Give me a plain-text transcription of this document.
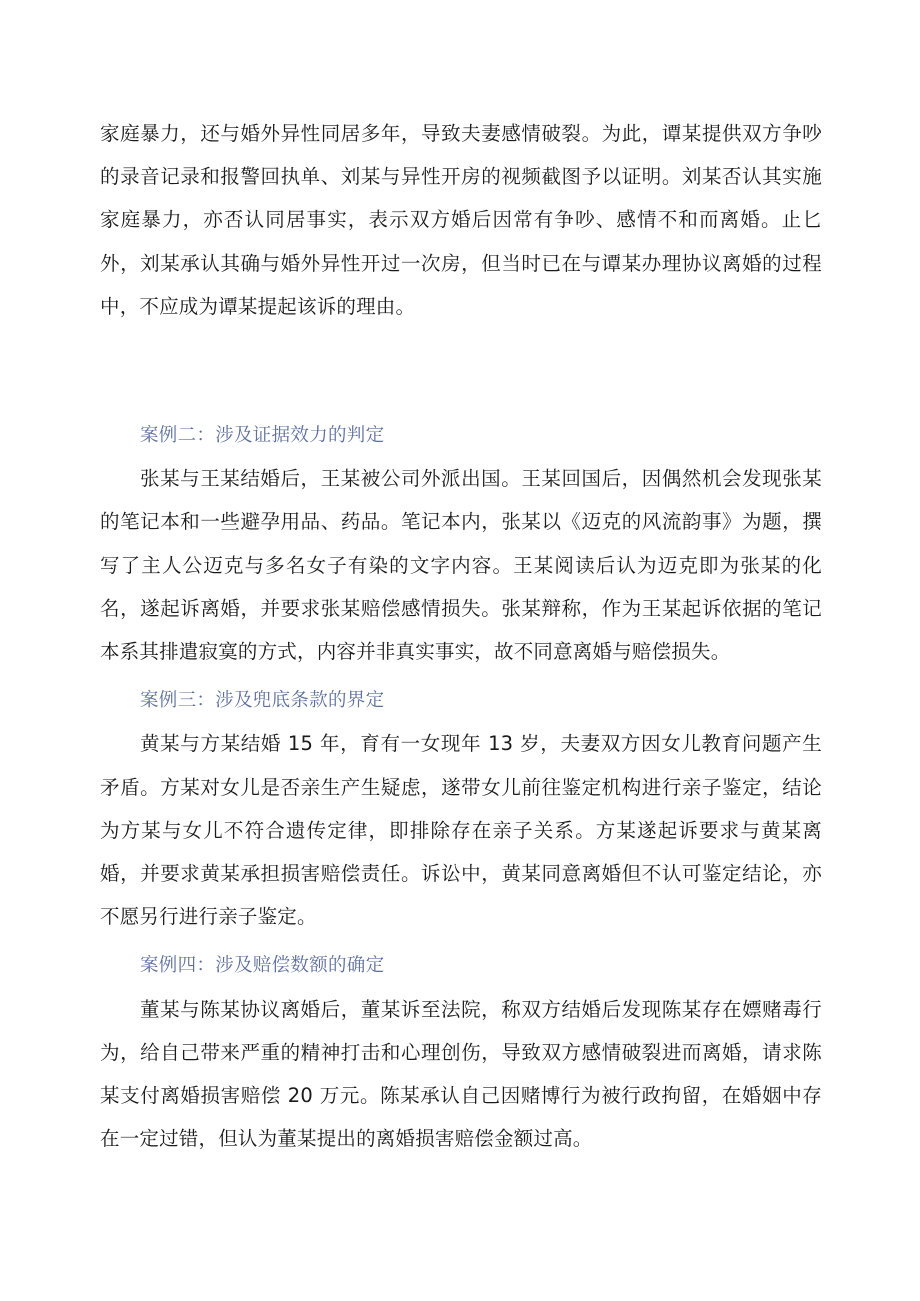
家庭暴力，还与婚外异性同居多年，导致夫妻感情破裂。为此，谭某提供双方争吵的录音记录和报警回执单、刘某与异性开房的视频截图予以证明。刘某否认其实施家庭暴力，亦否认同居事实，表示双方婚后因常有争吵、感情不和而离婚。止匕外，刘某承认其确与婚外异性开过一次房，但当时已在与谭某办理协议离婚的过程中，不应成为谭某提起该诉的理由。

案例二：涉及证据效力的判定

张某与王某结婚后，王某被公司外派出国。王某回国后，因偶然机会发现张某的笔记本和一些避孕用品、药品。笔记本内，张某以《迈克的风流韵事》为题，撰写了主人公迈克与多名女子有染的文字内容。王某阅读后认为迈克即为张某的化名，遂起诉离婚，并要求张某赔偿感情损失。张某辩称，作为王某起诉依据的笔记本系其排遣寂寞的方式，内容并非真实事实，故不同意离婚与赔偿损失。

案例三：涉及兜底条款的界定

黄某与方某结婚 15 年，育有一女现年 13 岁，夫妻双方因女儿教育问题产生矛盾。方某对女儿是否亲生产生疑虑，遂带女儿前往鉴定机构进行亲子鉴定，结论为方某与女儿不符合遗传定律，即排除存在亲子关系。方某遂起诉要求与黄某离婚，并要求黄某承担损害赔偿责任。诉讼中，黄某同意离婚但不认可鉴定结论，亦不愿另行进行亲子鉴定。

案例四：涉及赔偿数额的确定

董某与陈某协议离婚后，董某诉至法院，称双方结婚后发现陈某存在嫖赌毒行为，给自己带来严重的精神打击和心理创伤，导致双方感情破裂进而离婚，请求陈某支付离婚损害赔偿 20 万元。陈某承认自己因赌博行为被行政拘留，在婚姻中存在一定过错，但认为董某提出的离婚损害赔偿金额过高。
